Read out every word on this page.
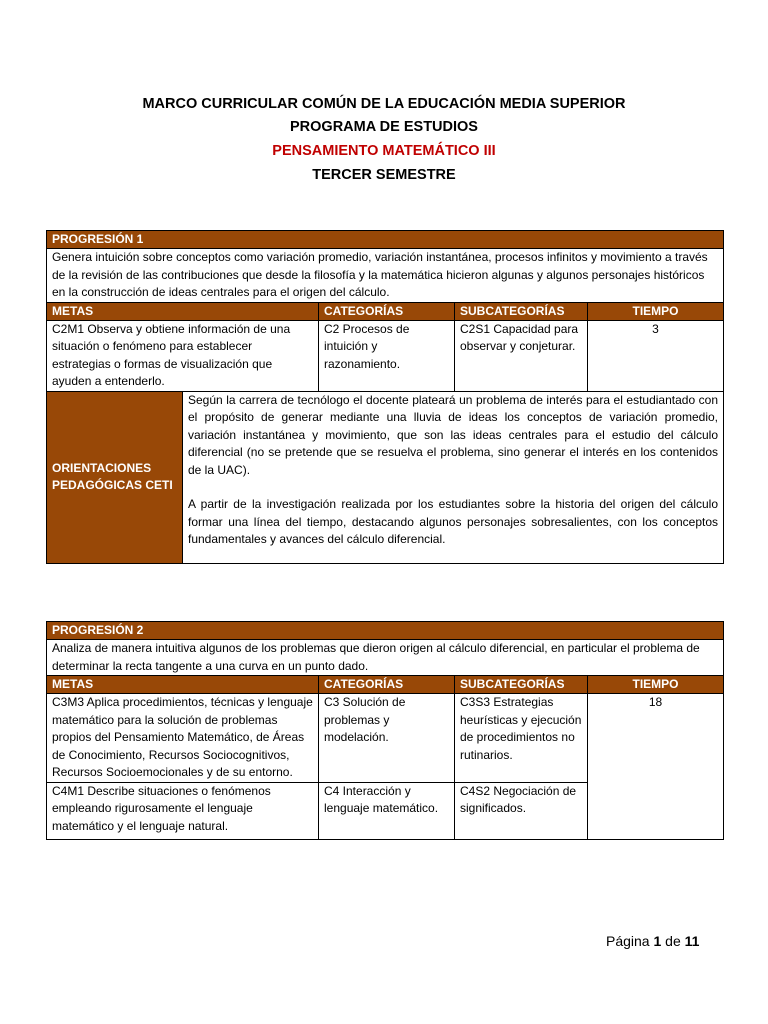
MARCO CURRICULAR COMÚN DE LA EDUCACIÓN MEDIA SUPERIOR
PROGRAMA DE ESTUDIOS
PENSAMIENTO MATEMÁTICO III
TERCER SEMESTRE
PROGRESIÓN 1				
Genera intuición sobre conceptos como variación promedio, variación instantánea, procesos infinitos y movimiento a través de la revisión de las contribuciones que desde la filosofía y la matemática hicieron algunas y algunos personajes históricos en la construcción de ideas centrales para el origen del cálculo.				
METAS		CATEGORÍAS	SUBCATEGORÍAS	TIEMPO
C2M1 Observa y obtiene información de una situación o fenómeno para establecer estrategias o formas de visualización que ayuden a entenderlo.		C2 Procesos de intuición y razonamiento.	C2S1 Capacidad para observar y conjeturar.	3
ORIENTACIONES PEDAGÓGICAS CETI	Según la carrera de tecnólogo el docente plateará un problema de interés para el estudiantado con el propósito de generar mediante una lluvia de ideas los conceptos de variación promedio, variación instantánea y movimiento, que son las ideas centrales para el estudio del cálculo diferencial (no se pretende que se resuelva el problema, sino generar el interés en los contenidos de la UAC).

A partir de la investigación realizada por los estudiantes sobre la historia del origen del cálculo formar una línea del tiempo, destacando algunos personajes sobresalientes, con los conceptos fundamentales y avances del cálculo diferencial.			

PROGRESIÓN 2			
Analiza de manera intuitiva algunos de los problemas que dieron origen al cálculo diferencial, en particular el problema de determinar la recta tangente a una curva en un punto dado.			
METAS	CATEGORÍAS	SUBCATEGORÍAS	TIEMPO
C3M3 Aplica procedimientos, técnicas y lenguaje matemático para la solución de problemas propios del Pensamiento Matemático, de Áreas de Conocimiento, Recursos Sociocognitivos, Recursos Socioemocionales y de su entorno.	C3 Solución de problemas y modelación.	C3S3 Estrategias heurísticas y ejecución de procedimientos no rutinarios.	18
C4M1 Describe situaciones o fenómenos empleando rigurosamente el lenguaje matemático y el lenguaje natural.	C4 Interacción y lenguaje matemático.	C4S2 Negociación de significados.	
Página 1 de 11
